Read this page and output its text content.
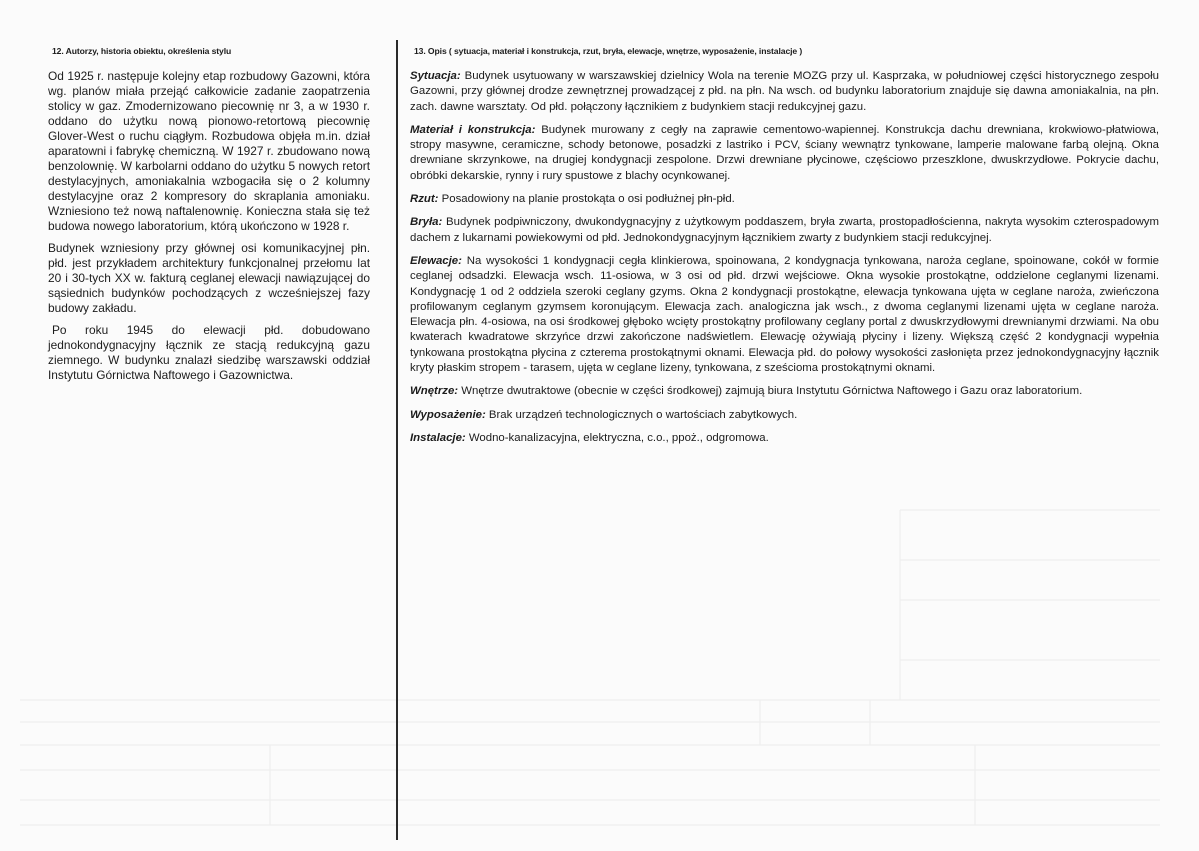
12. Autorzy, historia obiektu, określenia stylu

Od 1925 r. następuje kolejny etap rozbudowy Gazowni, która wg. planów miała przejąć całkowicie zadanie zaopatrzenia stolicy w gaz. Zmodernizowano piecownię nr 3, a w 1930 r. oddano do użytku nową pionowo-retortową piecownię Glover-West o ruchu ciągłym. Rozbudowa objęła m.in. dział aparatowni i fabrykę chemiczną. W 1927 r. zbudowano nową benzolownię. W karbolarni oddano do użytku 5 nowych retort destylacyjnych, amoniakalnia wzbogaciła się o 2 kolumny destylacyjne oraz 2 kompresory do skraplania amoniaku. Wzniesiono też nową naftalenownię. Konieczna stała się też budowa nowego laboratorium, którą ukończono w 1928 r.

Budynek wzniesiony przy głównej osi komunikacyjnej płn. płd. jest przykładem architektury funkcjonalnej przełomu lat 20 i 30-tych XX w. fakturą ceglanej elewacji nawiązującej do sąsiednich budynków pochodzących z wcześniejszej fazy budowy zakładu.

Po roku 1945 do elewacji płd. dobudowano jednokondygnacyjny łącznik ze stacją redukcyjną gazu ziemnego. W budynku znalazł siedzibę warszawski oddział Instytutu Górnictwa Naftowego i Gazownictwa.

13. Opis ( sytuacja, materiał i konstrukcja, rzut, bryła, elewacje, wnętrze, wyposażenie, instalacje )

Sytuacja: Budynek usytuowany w warszawskiej dzielnicy Wola na terenie MOZG przy ul. Kasprzaka, w południowej części historycznego zespołu Gazowni, przy głównej drodze zewnętrznej prowadzącej z płd. na płn. Na wsch. od budynku laboratorium znajduje się dawna amoniakalnia, na płn. zach. dawne warsztaty. Od płd. połączony łącznikiem z budynkiem stacji redukcyjnej gazu.

Materiał i konstrukcja: Budynek murowany z cegły na zaprawie cementowo-wapiennej. Konstrukcja dachu drewniana, krokwiowo-płatwiowa, stropy masywne, ceramiczne, schody betonowe, posadzki z lastriko i PCV, ściany wewnątrz tynkowane, lamperie malowane farbą olejną. Okna drewniane skrzynkowe, na drugiej kondygnacji zespolone. Drzwi drewniane płycinowe, częściowo przeszklone, dwuskrzydłowe. Pokrycie dachu, obróbki dekarskie, rynny i rury spustowe z blachy ocynkowanej.

Rzut: Posadowiony na planie prostokąta o osi podłużnej płn-płd.

Bryła: Budynek podpiwniczony, dwukondygnacyjny z użytkowym poddaszem, bryła zwarta, prostopadłościenna, nakryta wysokim czterospadowym dachem z lukarnami powiekowymi od płd. Jednokondygnacyjnym łącznikiem zwarty z budynkiem stacji redukcyjnej.

Elewacje: Na wysokości 1 kondygnacji cegła klinkierowa, spoinowana, 2 kondygnacja tynkowana, naroża ceglane, spoinowane, cokół w formie ceglanej odsadzki. Elewacja wsch. 11-osiowa, w 3 osi od płd. drzwi wejściowe. Okna wysokie prostokątne, oddzielone ceglanymi lizenami. Kondygnację 1 od 2 oddziela szeroki ceglany gzyms. Okna 2 kondygnacji prostokątne, elewacja tynkowana ujęta w ceglane naroża, zwieńczona profilowanym ceglanym gzymsem koronującym. Elewacja zach. analogiczna jak wsch., z dwoma ceglanymi lizenami ujęta w ceglane naroża. Elewacja płn. 4-osiowa, na osi środkowej głęboko wcięty prostokątny profilowany ceglany portal z dwuskrzydłowymi drewnianymi drzwiami. Na obu kwaterach kwadratowe skrzyńce drzwi zakończone nadświetlem. Elewację ożywiają płyciny i lizeny. Większą część 2 kondygnacji wypełnia tynkowana prostokątna płycina z czterema prostokątnymi oknami. Elewacja płd. do połowy wysokości zasłonięta przez jednokondygnacyjny łącznik kryty płaskim stropem - tarasem, ujęta w ceglane lizeny, tynkowana, z sześcioma prostokątnymi oknami.

Wnętrze: Wnętrze dwutraktowe (obecnie w części środkowej) zajmują biura Instytutu Górnictwa Naftowego i Gazu oraz laboratorium.

Wyposażenie: Brak urządzeń technologicznych o wartościach zabytkowych.

Instalacje: Wodno-kanalizacyjna, elektryczna, c.o., ppoż., odgromowa.
